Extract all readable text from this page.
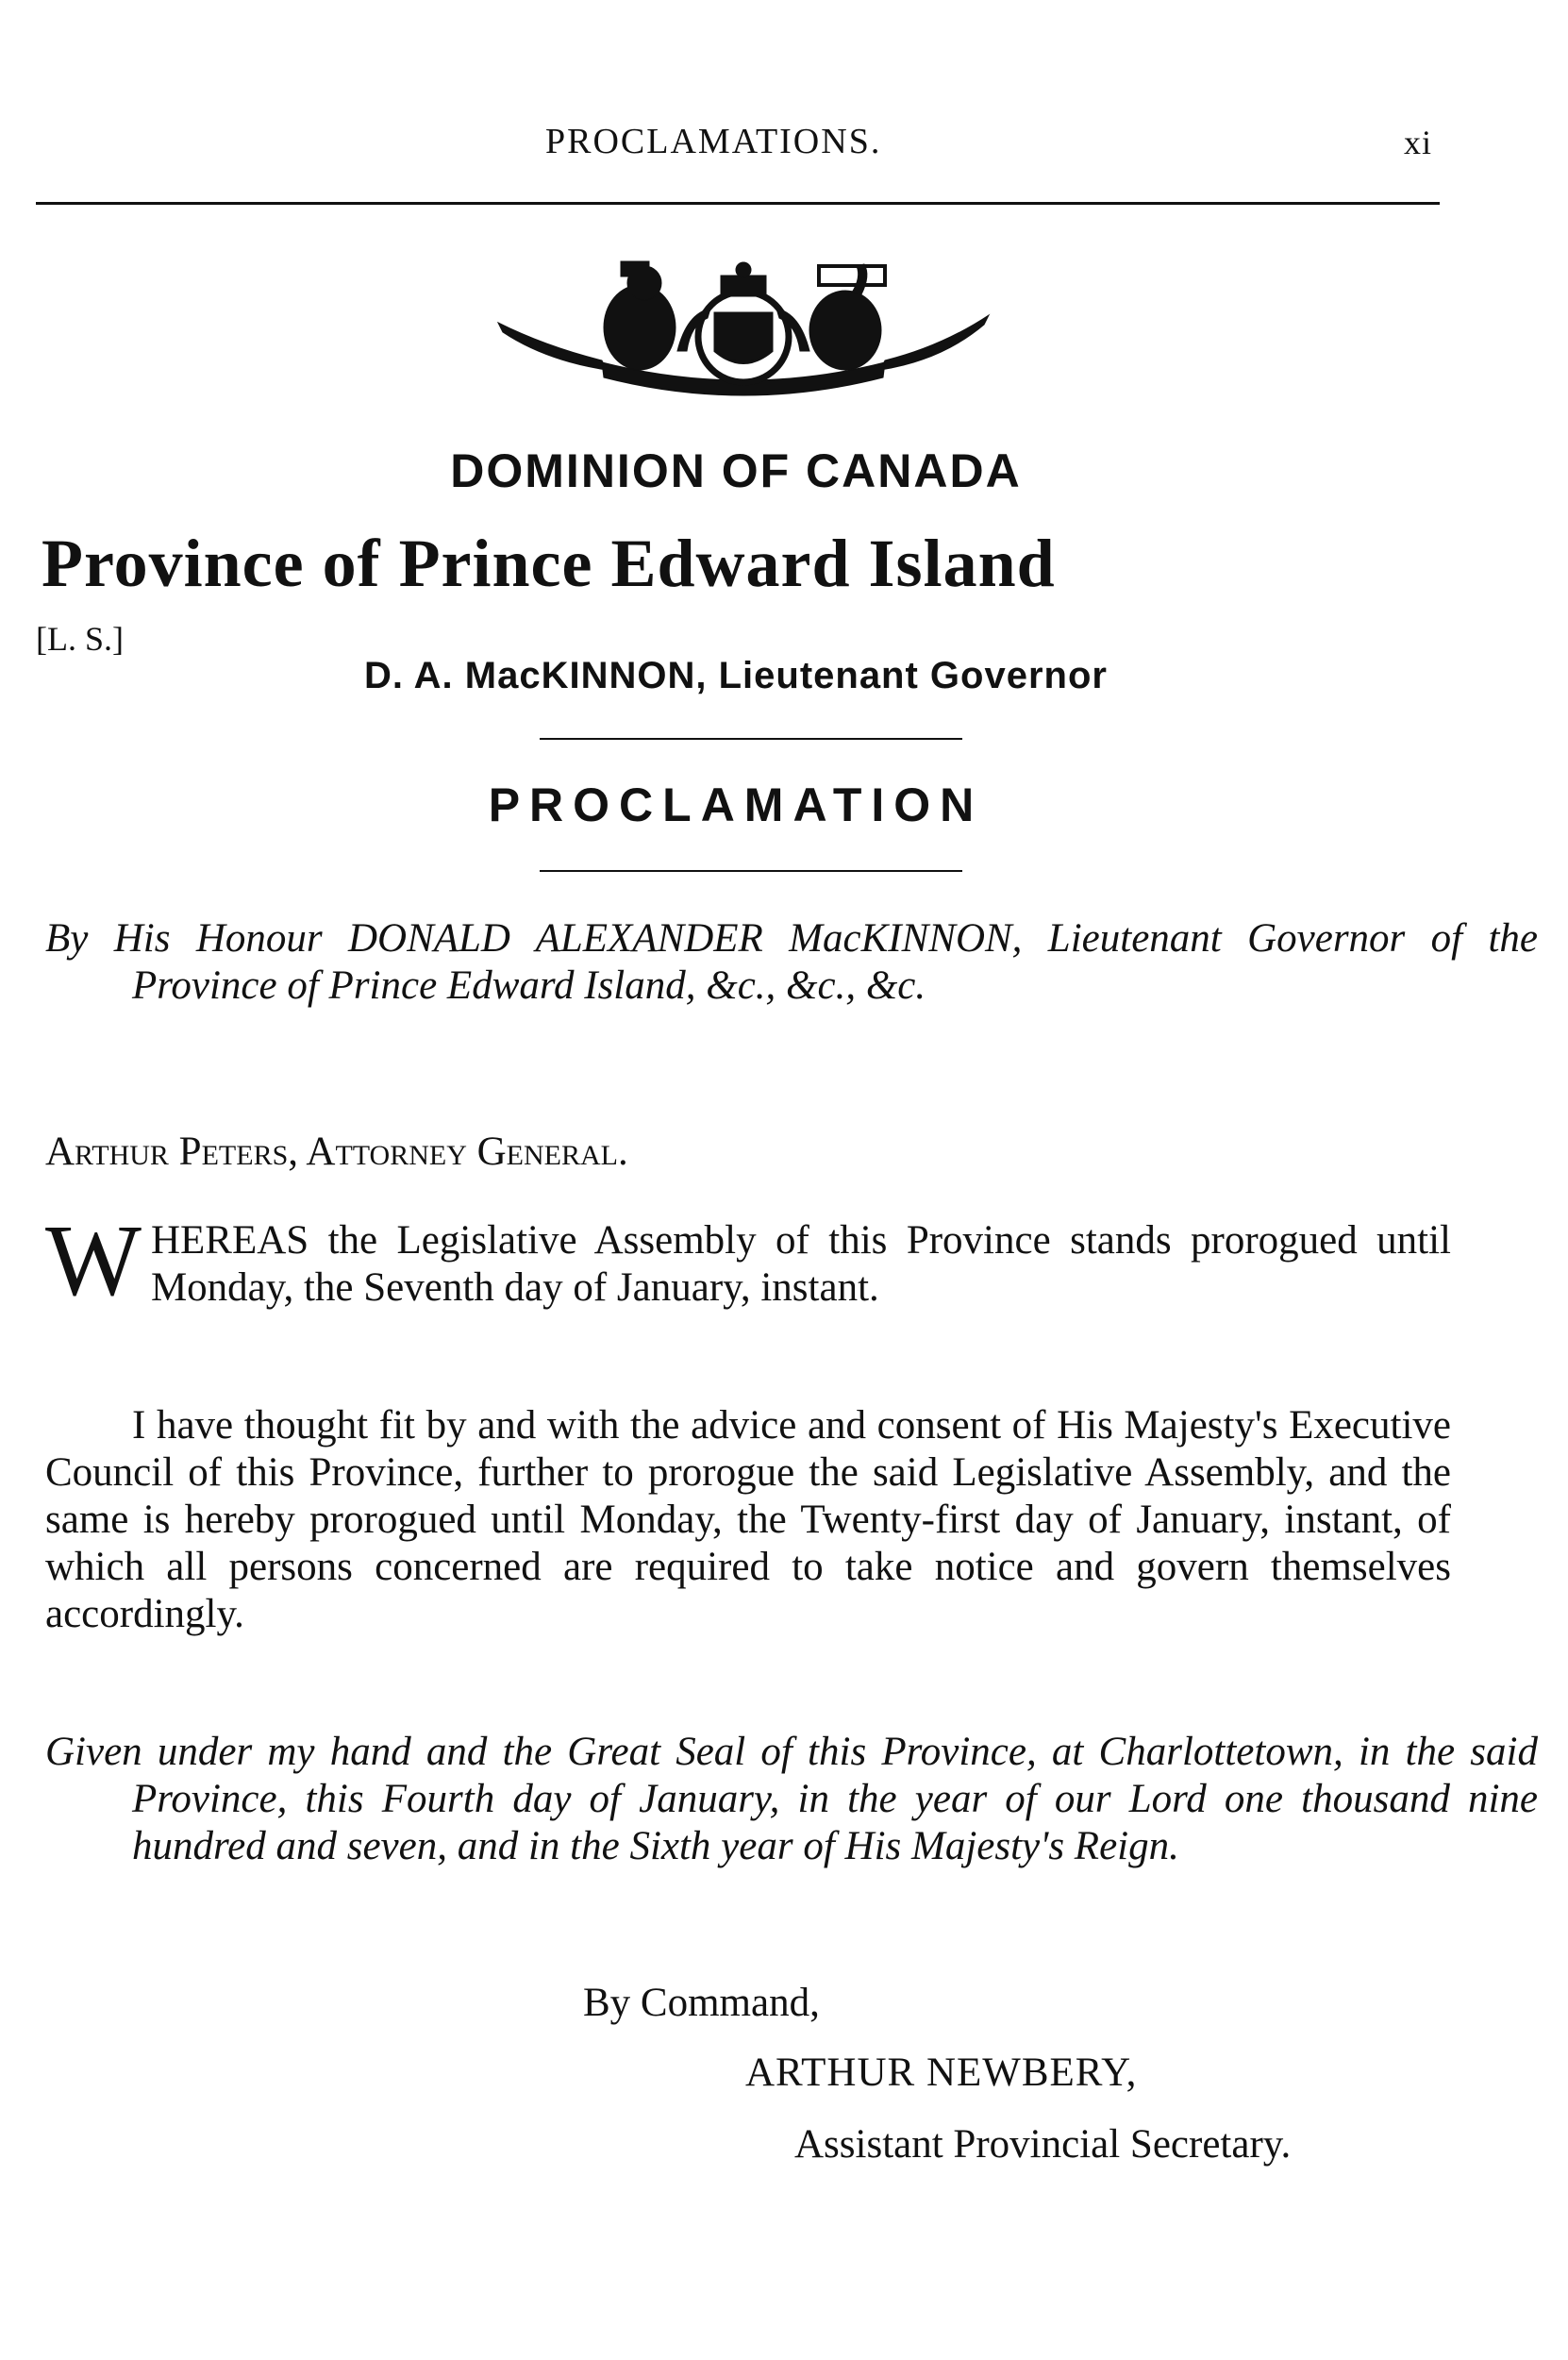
PROCLAMATIONS.	xi
DOMINION OF CANADA
Province of Prince Edward Island
[L. S.]
D. A. MacKINNON, Lieutenant Governor
PROCLAMATION
By His Honour DONALD ALEXANDER MacKINNON, Lieutenant Governor of the Province of Prince Edward Island, &c., &c., &c.
Arthur Peters, Attorney General.
WHEREAS the Legislative Assembly of this Province stands prorogued until Monday, the Seventh day of January, instant.
I have thought fit by and with the advice and consent of His Majesty's Executive Council of this Province, further to prorogue the said Legislative Assembly, and the same is hereby prorogued until Monday, the Twenty-first day of January, instant, of which all persons concerned are required to take notice and govern themselves accordingly.
Given under my hand and the Great Seal of this Province, at Charlottetown, in the said Province, this Fourth day of January, in the year of our Lord one thousand nine hundred and seven, and in the Sixth year of His Majesty's Reign.
By Command,
ARTHUR NEWBERY,
Assistant Provincial Secretary.
